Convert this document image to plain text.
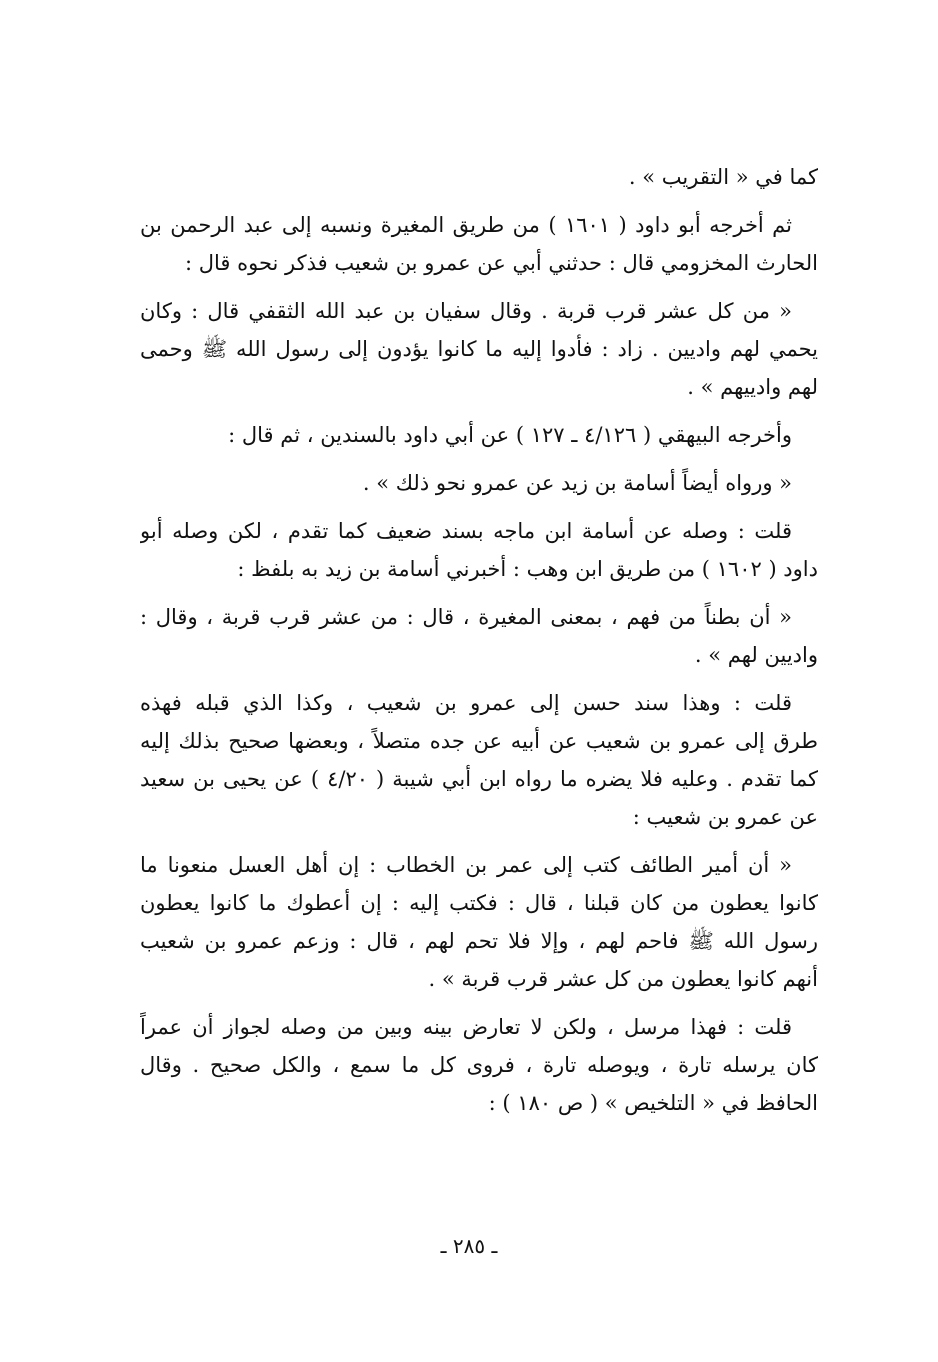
كما في « التقريب » .
ثم أخرجه أبو داود ( ١٦٠١ ) من طريق المغيرة ونسبه إلى عبد الرحمن بن
الحارث المخزومي قال : حدثني أبي عن عمرو بن شعيب فذكر نحوه قال :
« من كل عشر قرب قربة . وقال سفيان بن عبد الله الثقفي قال : وكان
يحمي لهم واديين . زاد : فأدوا إليه ما كانوا يؤدون إلى رسول الله ﷺ وحمى
لهم وادييهم » .
وأخرجه البيهقي ( ٤/١٢٦ ـ ١٢٧ ) عن أبي داود بالسندين ، ثم قال :
« ورواه أيضاً أسامة بن زيد عن عمرو نحو ذلك » .
قلت : وصله عن أسامة ابن ماجه بسند ضعيف كما تقدم ، لكن وصله أبو
داود ( ١٦٠٢ ) من طريق ابن وهب : أخبرني أسامة بن زيد به بلفظ :
« أن بطناً من فهم ، بمعنى المغيرة ، قال : من عشر قرب قربة ، وقال :
واديين لهم » .
قلت : وهذا سند حسن إلى عمرو بن شعيب ، وكذا الذي قبله فهذه
طرق إلى عمرو بن شعيب عن أبيه عن جده متصلاً ، وبعضها صحيح بذلك إليه
كما تقدم . وعليه فلا يضره ما رواه ابن أبي شيبة ( ٤/٢٠ ) عن يحيى بن سعيد
عن عمرو بن شعيب :
« أن أمير الطائف كتب إلى عمر بن الخطاب : إن أهل العسل منعونا ما
كانوا يعطون من كان قبلنا ، قال : فكتب إليه : إن أعطوك ما كانوا يعطون
رسول الله ﷺ فاحم لهم ، وإلا فلا تحم لهم ، قال : وزعم عمرو بن شعيب
أنهم كانوا يعطون من كل عشر قرب قربة » .
قلت : فهذا مرسل ، ولكن لا تعارض بينه وبين من وصله لجواز أن عمراً
كان يرسله تارة ، ويوصله تارة ، فروى كل ما سمع ، والكل صحيح . وقال
الحافظ في « التلخيص » ( ص ١٨٠ ) :
ـ ٢٨٥ ـ
